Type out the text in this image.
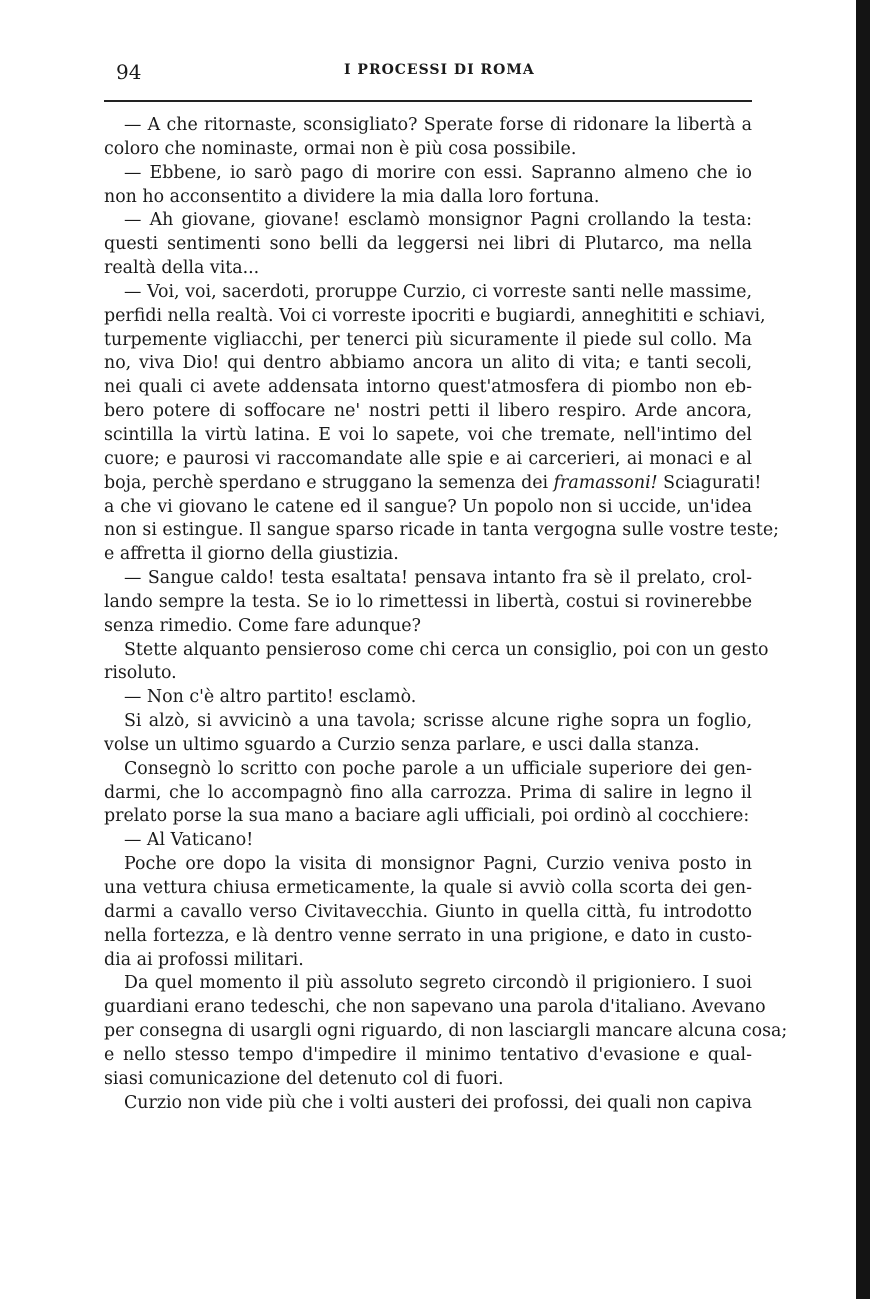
94	I PROCESSI DI ROMA
— A che ritornaste, sconsigliato? Sperate forse di ridonare la libertà a
coloro che nominaste, ormai non è più cosa possibile.
— Ebbene, io sarò pago di morire con essi. Sapranno almeno che io
non ho acconsentito a dividere la mia dalla loro fortuna.
— Ah giovane, giovane! esclamò monsignor Pagni crollando la testa:
questi sentimenti sono belli da leggersi nei libri di Plutarco, ma nella
realtà della vita...
— Voi, voi, sacerdoti, proruppe Curzio, ci vorreste santi nelle massime,
perfidi nella realtà. Voi ci vorreste ipocriti e bugiardi, anneghititi e schiavi,
turpemente vigliacchi, per tenerci più sicuramente il piede sul collo. Ma
no, viva Dio! qui dentro abbiamo ancora un alito di vita; e tanti secoli,
nei quali ci avete addensata intorno quest'atmosfera di piombo non eb-
bero potere di soffocare ne' nostri petti il libero respiro. Arde ancora,
scintilla la virtù latina. E voi lo sapete, voi che tremate, nell'intimo del
cuore; e paurosi vi raccomandate alle spie e ai carcerieri, ai monaci e al
boja, perchè sperdano e struggano la semenza dei framassoni! Sciagurati!
a che vi giovano le catene ed il sangue? Un popolo non si uccide, un'idea
non si estingue. Il sangue sparso ricade in tanta vergogna sulle vostre teste;
e affretta il giorno della giustizia.
— Sangue caldo! testa esaltata! pensava intanto fra sè il prelato, crol-
lando sempre la testa. Se io lo rimettessi in libertà, costui si rovinerebbe
senza rimedio. Come fare adunque?
Stette alquanto pensieroso come chi cerca un consiglio, poi con un gesto
risoluto.
— Non c'è altro partito! esclamò.
Si alzò, si avvicinò a una tavola; scrisse alcune righe sopra un foglio,
volse un ultimo sguardo a Curzio senza parlare, e usci dalla stanza.
Consegnò lo scritto con poche parole a un ufficiale superiore dei gen-
darmi, che lo accompagnò fino alla carrozza. Prima di salire in legno il
prelato porse la sua mano a baciare agli ufficiali, poi ordinò al cocchiere:
— Al Vaticano!
Poche ore dopo la visita di monsignor Pagni, Curzio veniva posto in
una vettura chiusa ermeticamente, la quale si avviò colla scorta dei gen-
darmi a cavallo verso Civitavecchia. Giunto in quella città, fu introdotto
nella fortezza, e là dentro venne serrato in una prigione, e dato in custo-
dia ai profossi militari.
Da quel momento il più assoluto segreto circondò il prigioniero. I suoi
guardiani erano tedeschi, che non sapevano una parola d'italiano. Avevano
per consegna di usargli ogni riguardo, di non lasciargli mancare alcuna cosa;
e nello stesso tempo d'impedire il minimo tentativo d'evasione e qual-
siasi comunicazione del detenuto col di fuori.
Curzio non vide più che i volti austeri dei profossi, dei quali non capiva
